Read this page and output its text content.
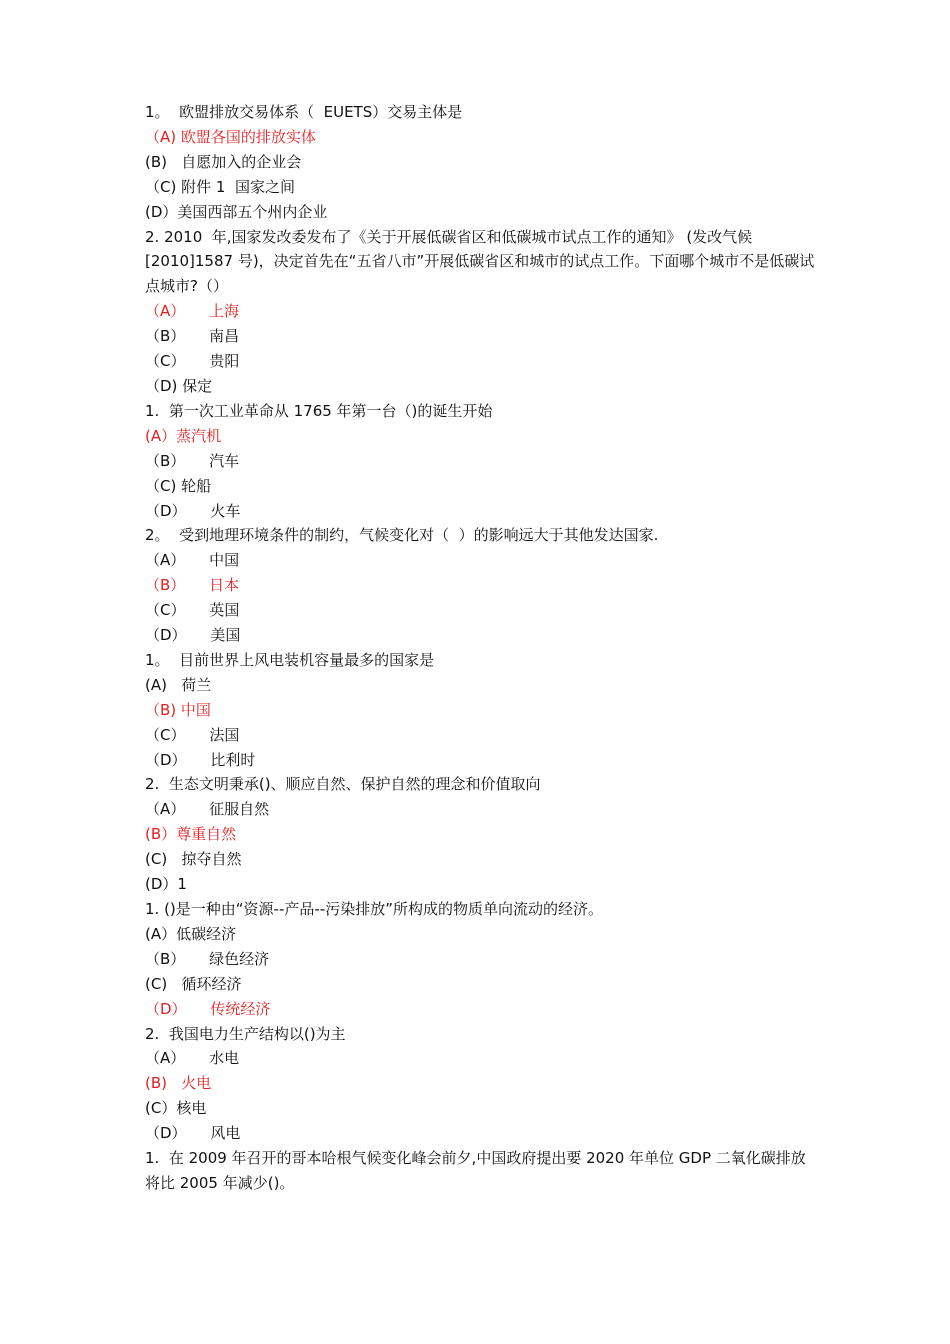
1。  欧盟排放交易体系（  EUETS）交易主体是

（A) 欧盟各国的排放实体

(B)   自愿加入的企业会

（C) 附件 1  国家之间

(D）美国西部五个州内企业

2. 2010  年,国家发改委发布了《关于开展低碳省区和低碳城市试点工作的通知》 (发改气候[2010]1587 号)，决定首先在“五省八市”开展低碳省区和城市的试点工作。下面哪个城市不是低碳试点城市?（）

（A）     上海

（B）     南昌

（C）     贵阳

（D) 保定

1.  第一次工业革命从 1765 年第一台（)的诞生开始

(A）蒸汽机

（B）     汽车

（C) 轮船

（D）     火车

2。  受到地理环境条件的制约，气候变化对（  ）的影响远大于其他发达国家.

（A）     中国

（B）     日本

（C）     英国

（D）     美国

1。  目前世界上风电装机容量最多的国家是

(A)   荷兰

（B) 中国

（C）     法国

（D）     比利时

2.  生态文明秉承()、顺应自然、保护自然的理念和价值取向

（A）     征服自然

(B）尊重自然

(C)   掠夺自然

(D）1

1. ()是一种由“资源--产品--污染排放”所构成的物质单向流动的经济。

(A）低碳经济

（B）     绿色经济

(C)   循环经济

（D）     传统经济

2.  我国电力生产结构以()为主

（A）     水电

(B)   火电

(C）核电

（D）     风电

1.  在 2009 年召开的哥本哈根气候变化峰会前夕,中国政府提出要 2020 年单位 GDP 二氧化碳排放将比 2005 年减少()。
